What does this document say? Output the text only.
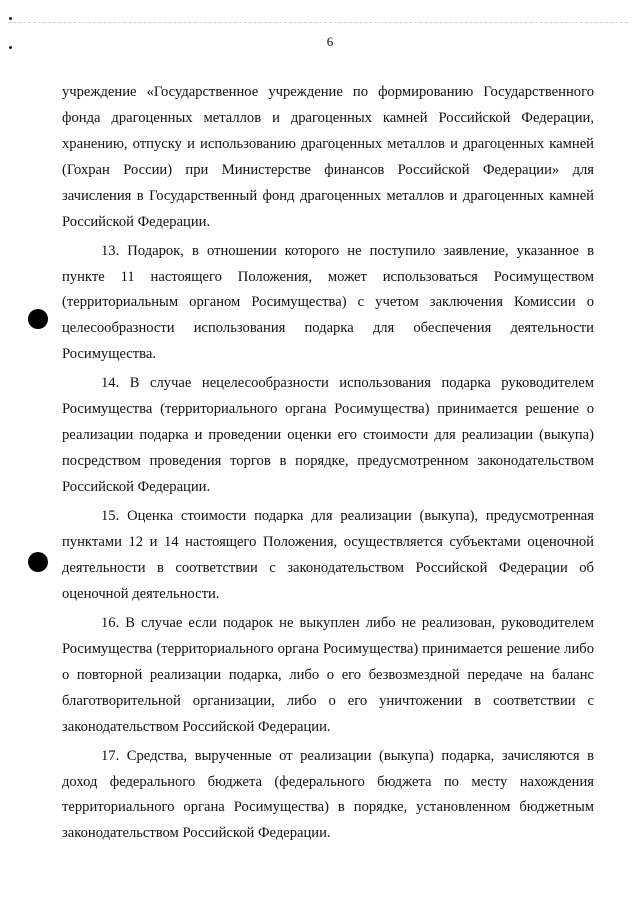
6

учреждение «Государственное учреждение по формированию Государственного фонда драгоценных металлов и драгоценных камней Российской Федерации, хранению, отпуску и использованию драгоценных металлов и драгоценных камней (Гохран России) при Министерстве финансов Российской Федерации» для зачисления в Государственный фонд драгоценных металлов и драгоценных камней Российской Федерации.

13. Подарок, в отношении которого не поступило заявление, указанное в пункте 11 настоящего Положения, может использоваться Росимуществом (территориальным органом Росимущества) с учетом заключения Комиссии о целесообразности использования подарка для обеспечения деятельности Росимущества.

14. В случае нецелесообразности использования подарка руководителем Росимущества (территориального органа Росимущества) принимается решение о реализации подарка и проведении оценки его стоимости для реализации (выкупа) посредством проведения торгов в порядке, предусмотренном законодательством Российской Федерации.

15. Оценка стоимости подарка для реализации (выкупа), предусмотренная пунктами 12 и 14 настоящего Положения, осуществляется субъектами оценочной деятельности в соответствии с законодательством Российской Федерации об оценочной деятельности.

16. В случае если подарок не выкуплен либо не реализован, руководителем Росимущества (территориального органа Росимущества) принимается решение либо о повторной реализации подарка, либо о его безвозмездной передаче на баланс благотворительной организации, либо о его уничтожении в соответствии с законодательством Российской Федерации.

17. Средства, вырученные от реализации (выкупа) подарка, зачисляются в доход федерального бюджета (федерального бюджета по месту нахождения территориального органа Росимущества) в порядке, установленном бюджетным законодательством Российской Федерации.
